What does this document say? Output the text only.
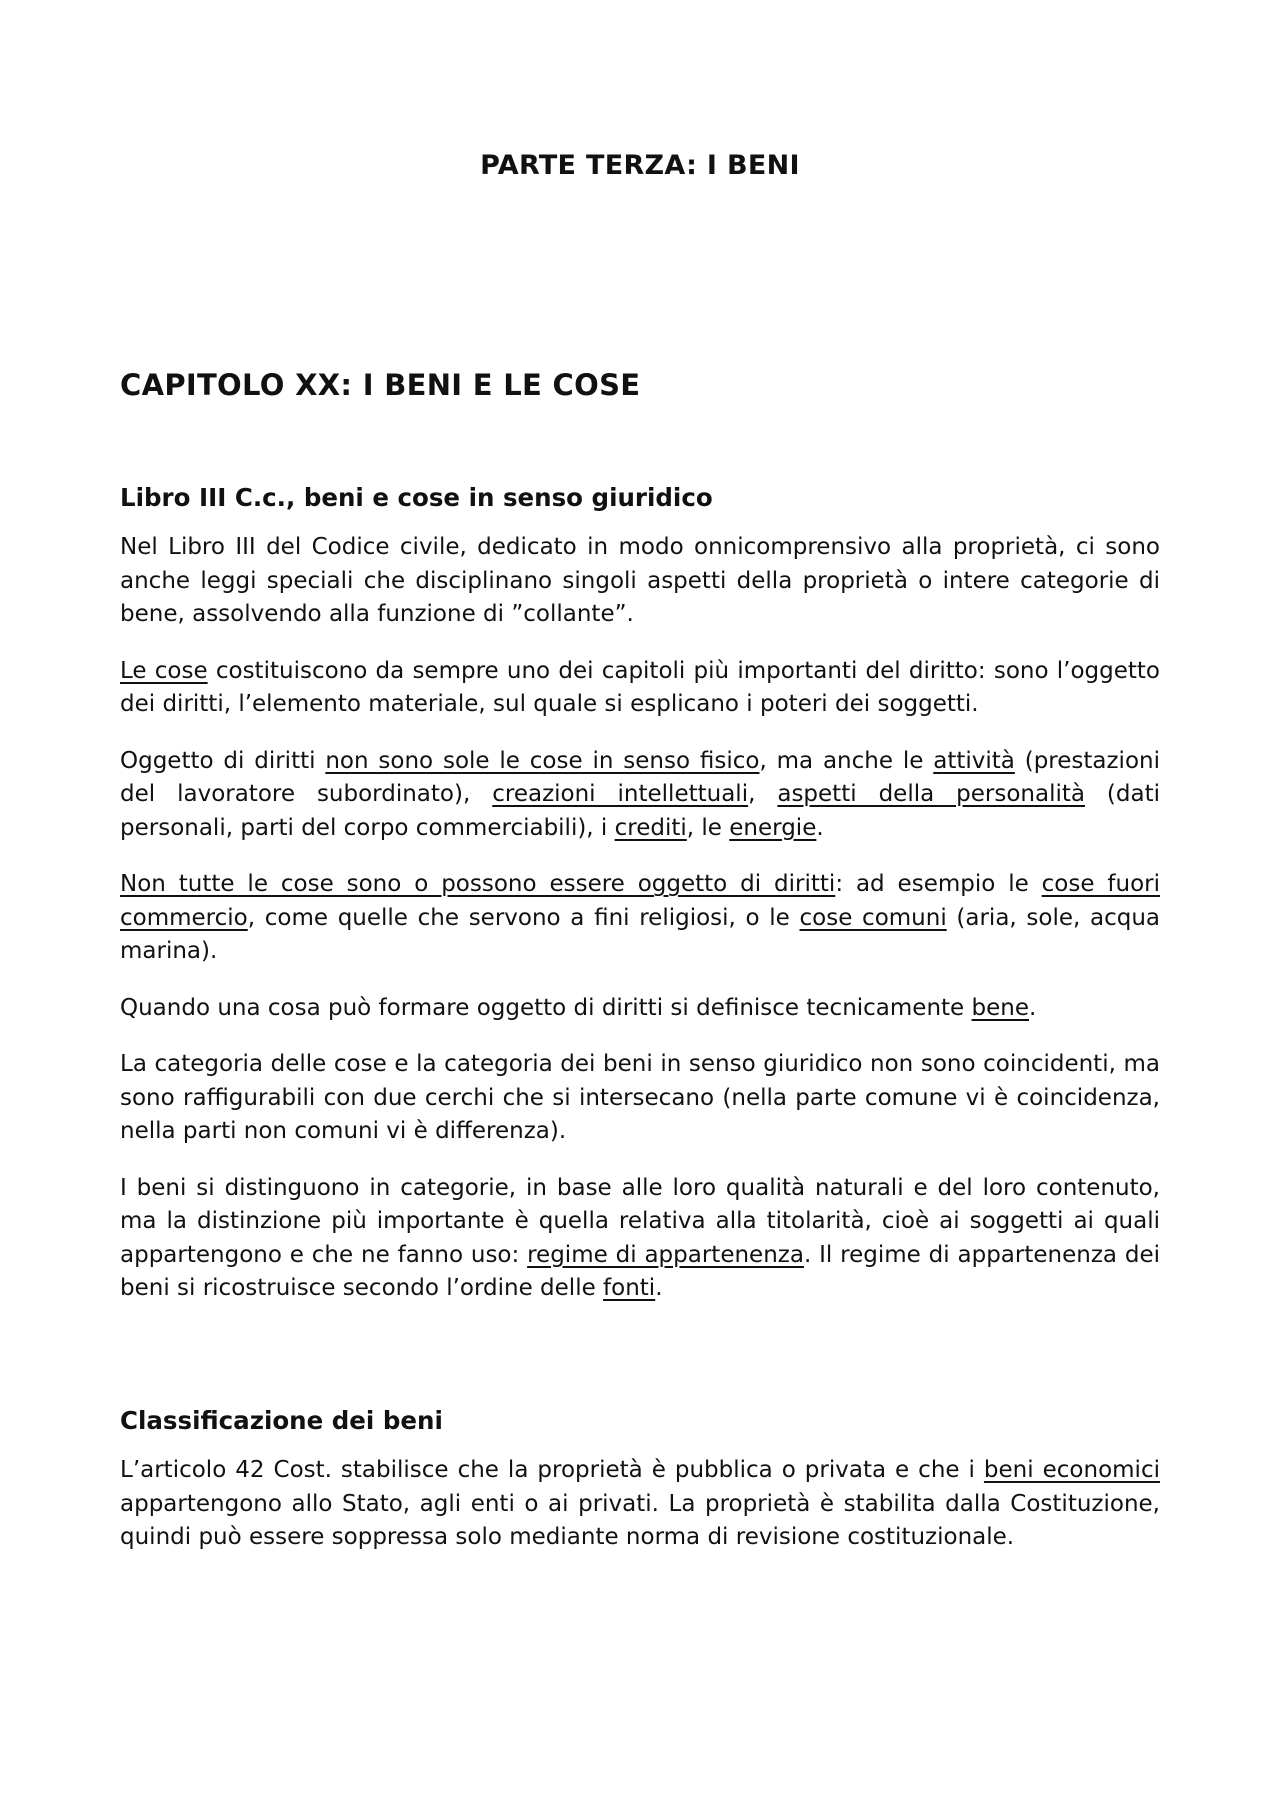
PARTE TERZA: I BENI
CAPITOLO XX: I BENI E LE COSE
Libro III C.c., beni e cose in senso giuridico

Nel Libro III del Codice civile, dedicato in modo onnicomprensivo alla proprietà, ci sono anche leggi speciali che disciplinano singoli aspetti della proprietà o intere categorie di bene, assolvendo alla funzione di ”collante”.

Le cose costituiscono da sempre uno dei capitoli più importanti del diritto: sono l’oggetto dei diritti, l’elemento materiale, sul quale si esplicano i poteri dei soggetti.

Oggetto di diritti non sono sole le cose in senso fisico, ma anche le attività (prestazioni del lavoratore subordinato), creazioni intellettuali, aspetti della personalità (dati personali, parti del corpo commerciabili), i crediti, le energie.

Non tutte le cose sono o possono essere oggetto di diritti: ad esempio le cose fuori commercio, come quelle che servono a fini religiosi, o le cose comuni (aria, sole, acqua marina).

Quando una cosa può formare oggetto di diritti si definisce tecnicamente bene.

La categoria delle cose e la categoria dei beni in senso giuridico non sono coincidenti, ma sono raffigurabili con due cerchi che si intersecano (nella parte comune vi è coincidenza, nella parti non comuni vi è differenza).

I beni si distinguono in categorie, in base alle loro qualità naturali e del loro contenuto, ma la distinzione più importante è quella relativa alla titolarità, cioè ai soggetti ai quali appartengono e che ne fanno uso: regime di appartenenza. Il regime di appartenenza dei beni si ricostruisce secondo l’ordine delle fonti.

Classificazione dei beni

L’articolo 42 Cost. stabilisce che la proprietà è pubblica o privata e che i beni economici appartengono allo Stato, agli enti o ai privati. La proprietà è stabilita dalla Costituzione, quindi può essere soppressa solo mediante norma di revisione costituzionale.
